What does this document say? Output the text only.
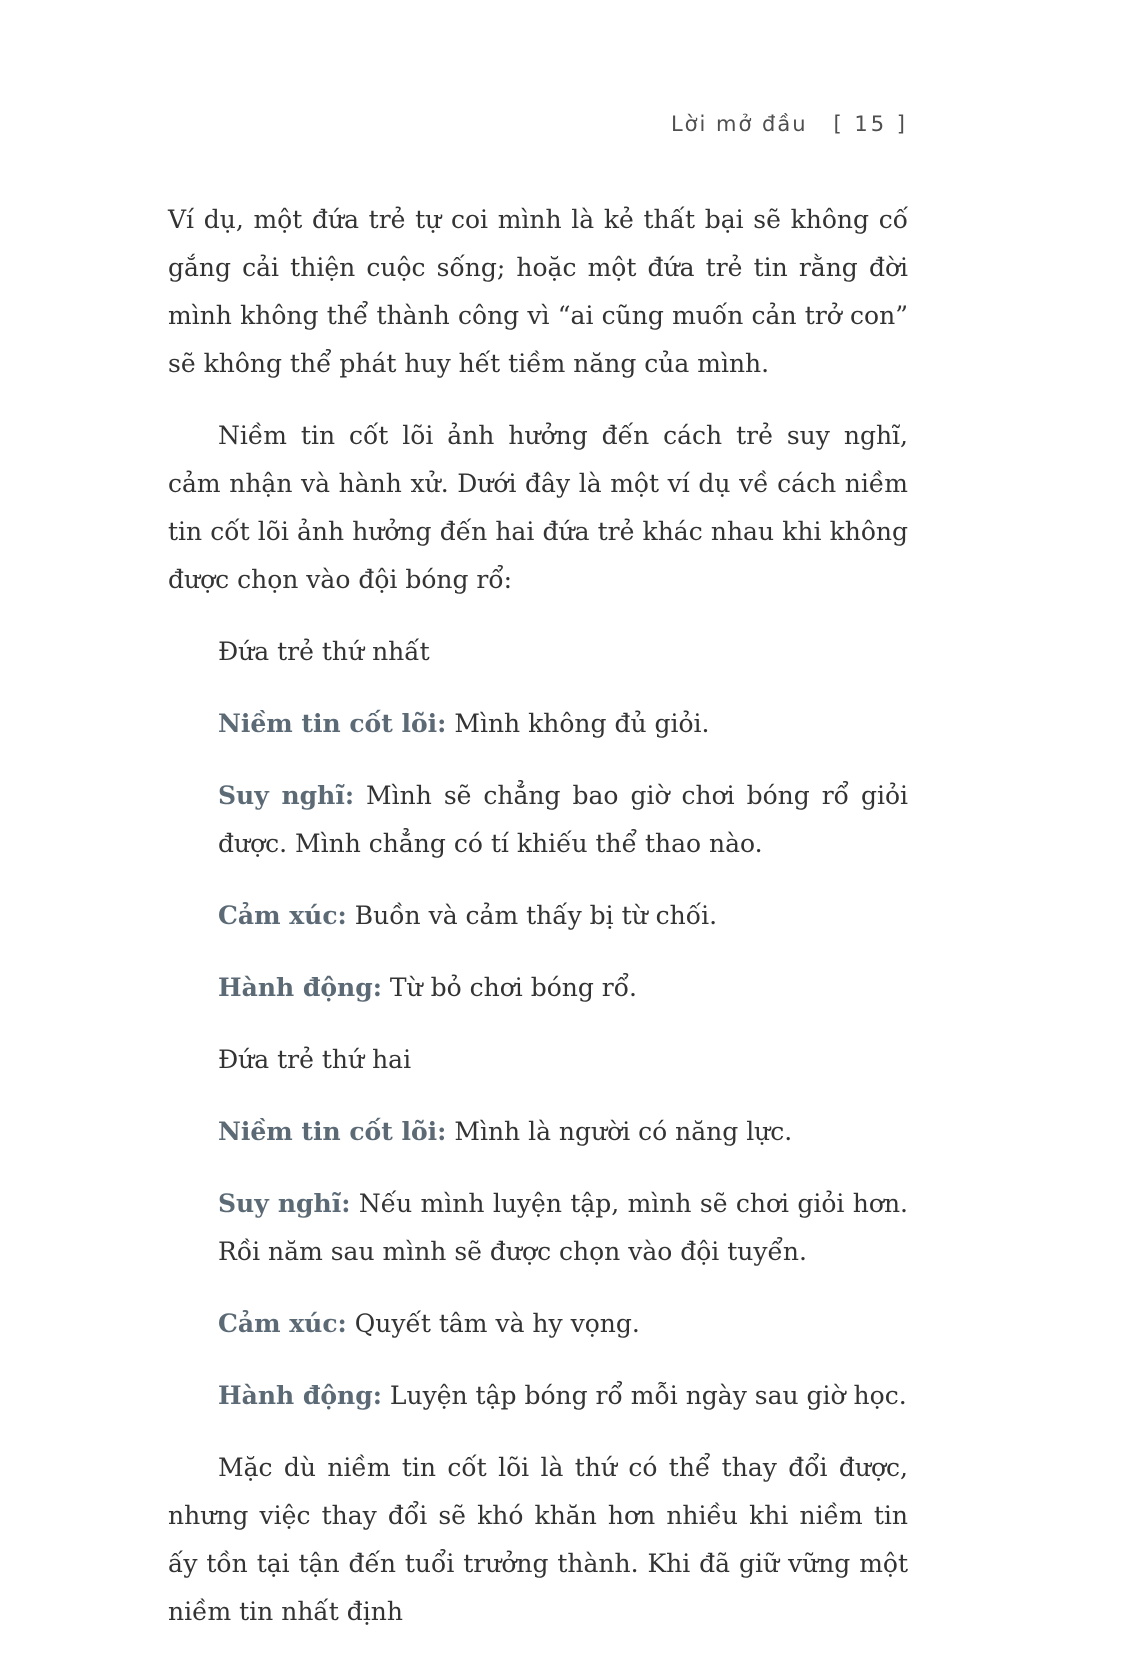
Lời mở đầu [ 15 ]

Ví dụ, một đứa trẻ tự coi mình là kẻ thất bại sẽ không cố gắng cải thiện cuộc sống; hoặc một đứa trẻ tin rằng đời mình không thể thành công vì “ai cũng muốn cản trở con” sẽ không thể phát huy hết tiềm năng của mình.

Niềm tin cốt lõi ảnh hưởng đến cách trẻ suy nghĩ, cảm nhận và hành xử. Dưới đây là một ví dụ về cách niềm tin cốt lõi ảnh hưởng đến hai đứa trẻ khác nhau khi không được chọn vào đội bóng rổ:

Đứa trẻ thứ nhất

Niềm tin cốt lõi: Mình không đủ giỏi.

Suy nghĩ: Mình sẽ chẳng bao giờ chơi bóng rổ giỏi được. Mình chẳng có tí khiếu thể thao nào.

Cảm xúc: Buồn và cảm thấy bị từ chối.

Hành động: Từ bỏ chơi bóng rổ.

Đứa trẻ thứ hai

Niềm tin cốt lõi: Mình là người có năng lực.

Suy nghĩ: Nếu mình luyện tập, mình sẽ chơi giỏi hơn. Rồi năm sau mình sẽ được chọn vào đội tuyển.

Cảm xúc: Quyết tâm và hy vọng.

Hành động: Luyện tập bóng rổ mỗi ngày sau giờ học.

Mặc dù niềm tin cốt lõi là thứ có thể thay đổi được, nhưng việc thay đổi sẽ khó khăn hơn nhiều khi niềm tin ấy tồn tại tận đến tuổi trưởng thành. Khi đã giữ vững một niềm tin nhất định
